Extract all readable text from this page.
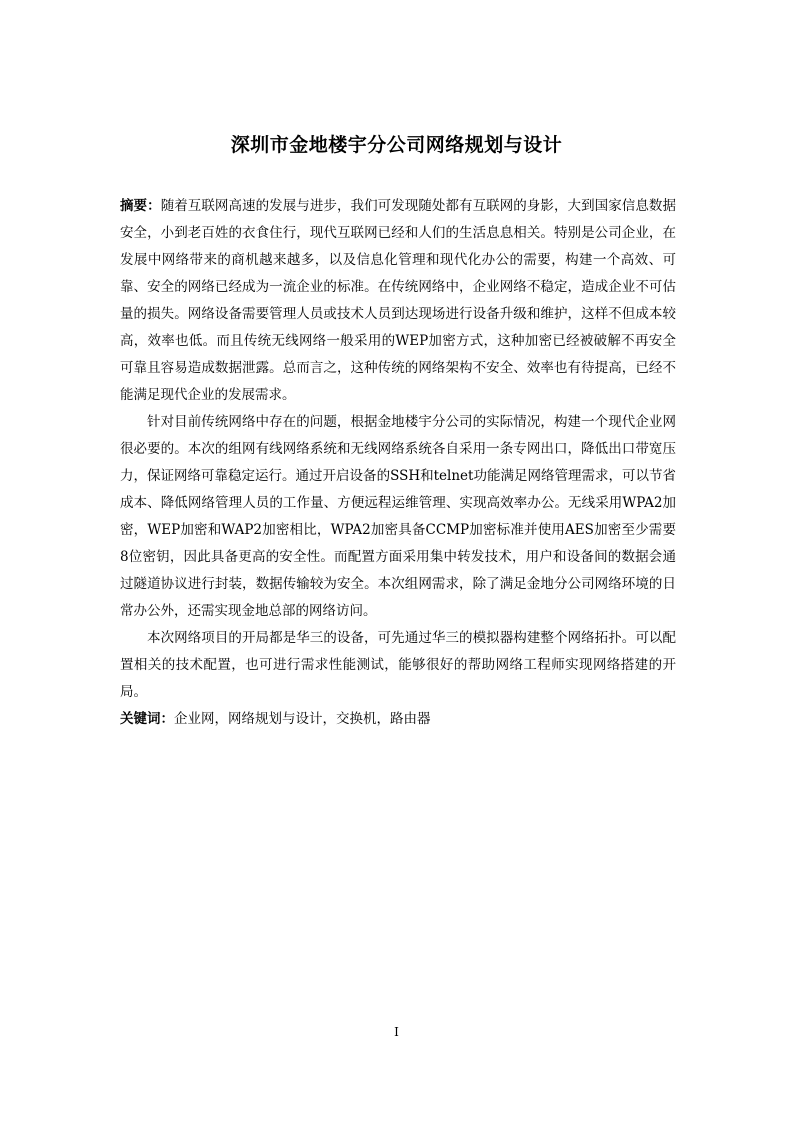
深圳市金地楼宇分公司网络规划与设计

摘要：随着互联网高速的发展与进步，我们可发现随处都有互联网的身影，大到国家信息数据安全，小到老百姓的衣食住行，现代互联网已经和人们的生活息息相关。特别是公司企业，在发展中网络带来的商机越来越多，以及信息化管理和现代化办公的需要，构建一个高效、可靠、安全的网络已经成为一流企业的标准。在传统网络中，企业网络不稳定，造成企业不可估量的损失。网络设备需要管理人员或技术人员到达现场进行设备升级和维护，这样不但成本较高，效率也低。而且传统无线网络一般采用的WEP加密方式，这种加密已经被破解不再安全可靠且容易造成数据泄露。总而言之，这种传统的网络架构不安全、效率也有待提高，已经不能满足现代企业的发展需求。

针对目前传统网络中存在的问题，根据金地楼宇分公司的实际情况，构建一个现代企业网很必要的。本次的组网有线网络系统和无线网络系统各自采用一条专网出口，降低出口带宽压力，保证网络可靠稳定运行。通过开启设备的SSH和telnet功能满足网络管理需求，可以节省成本、降低网络管理人员的工作量、方便远程运维管理、实现高效率办公。无线采用WPA2加密，WEP加密和WAP2加密相比，WPA2加密具备CCMP加密标准并使用AES加密至少需要8位密钥，因此具备更高的安全性。而配置方面采用集中转发技术，用户和设备间的数据会通过隧道协议进行封装，数据传输较为安全。本次组网需求，除了满足金地分公司网络环境的日常办公外，还需实现金地总部的网络访问。

本次网络项目的开局都是华三的设备，可先通过华三的模拟器构建整个网络拓扑。可以配置相关的技术配置，也可进行需求性能测试，能够很好的帮助网络工程师实现网络搭建的开局。

关键词：企业网，网络规划与设计，交换机，路由器

I
